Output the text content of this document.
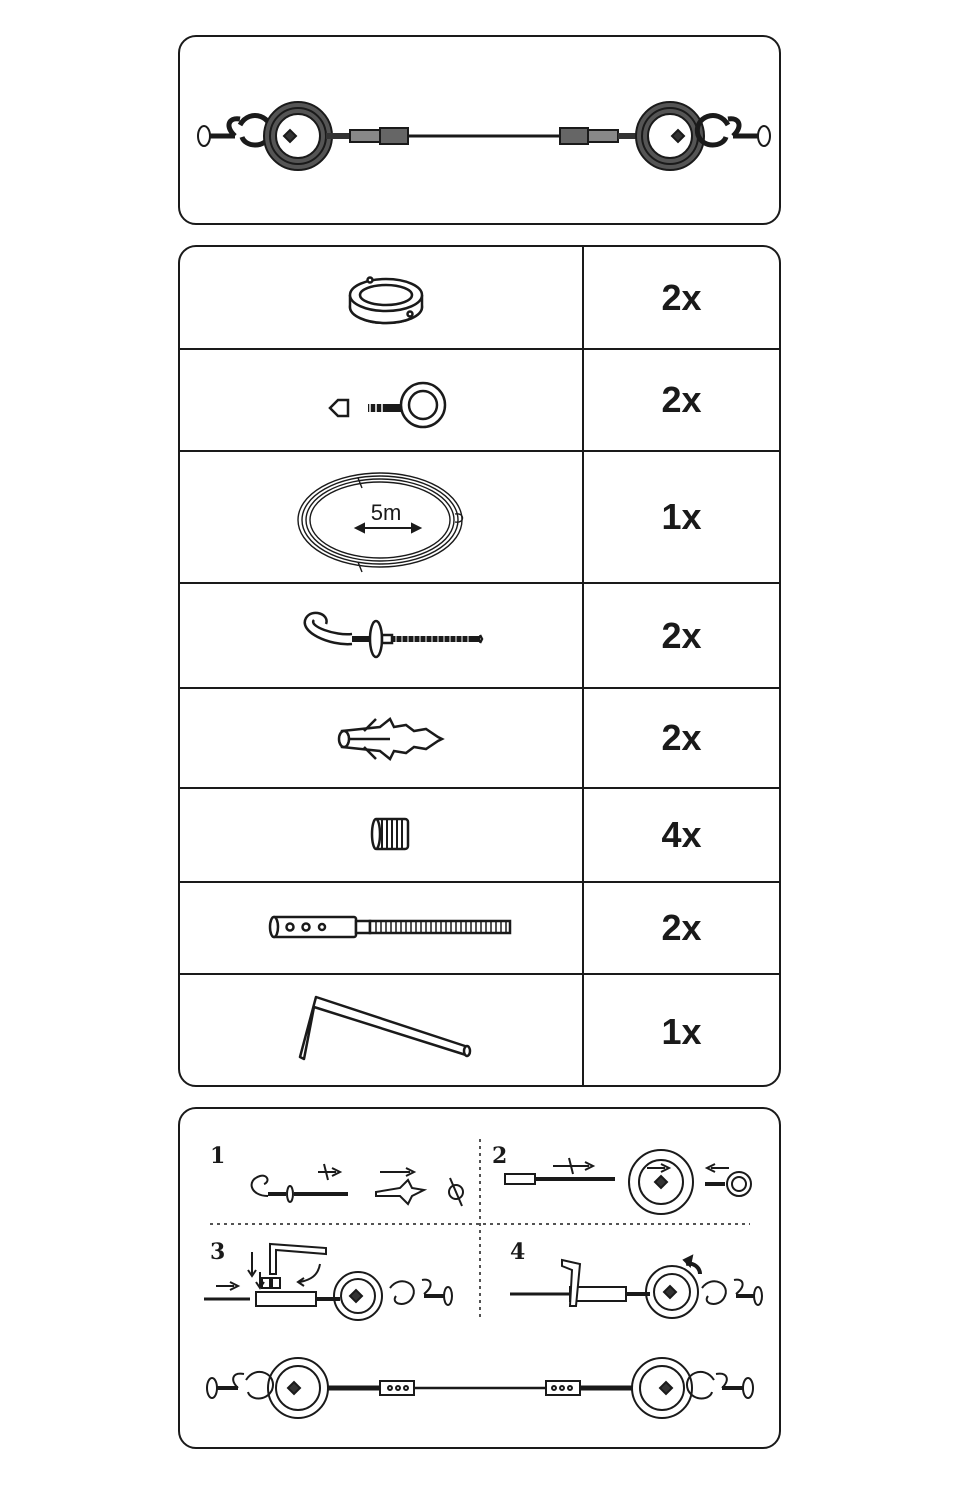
2x
2x
5m	1x
2x
2x
4x
2x
1x
1	2
3	4
